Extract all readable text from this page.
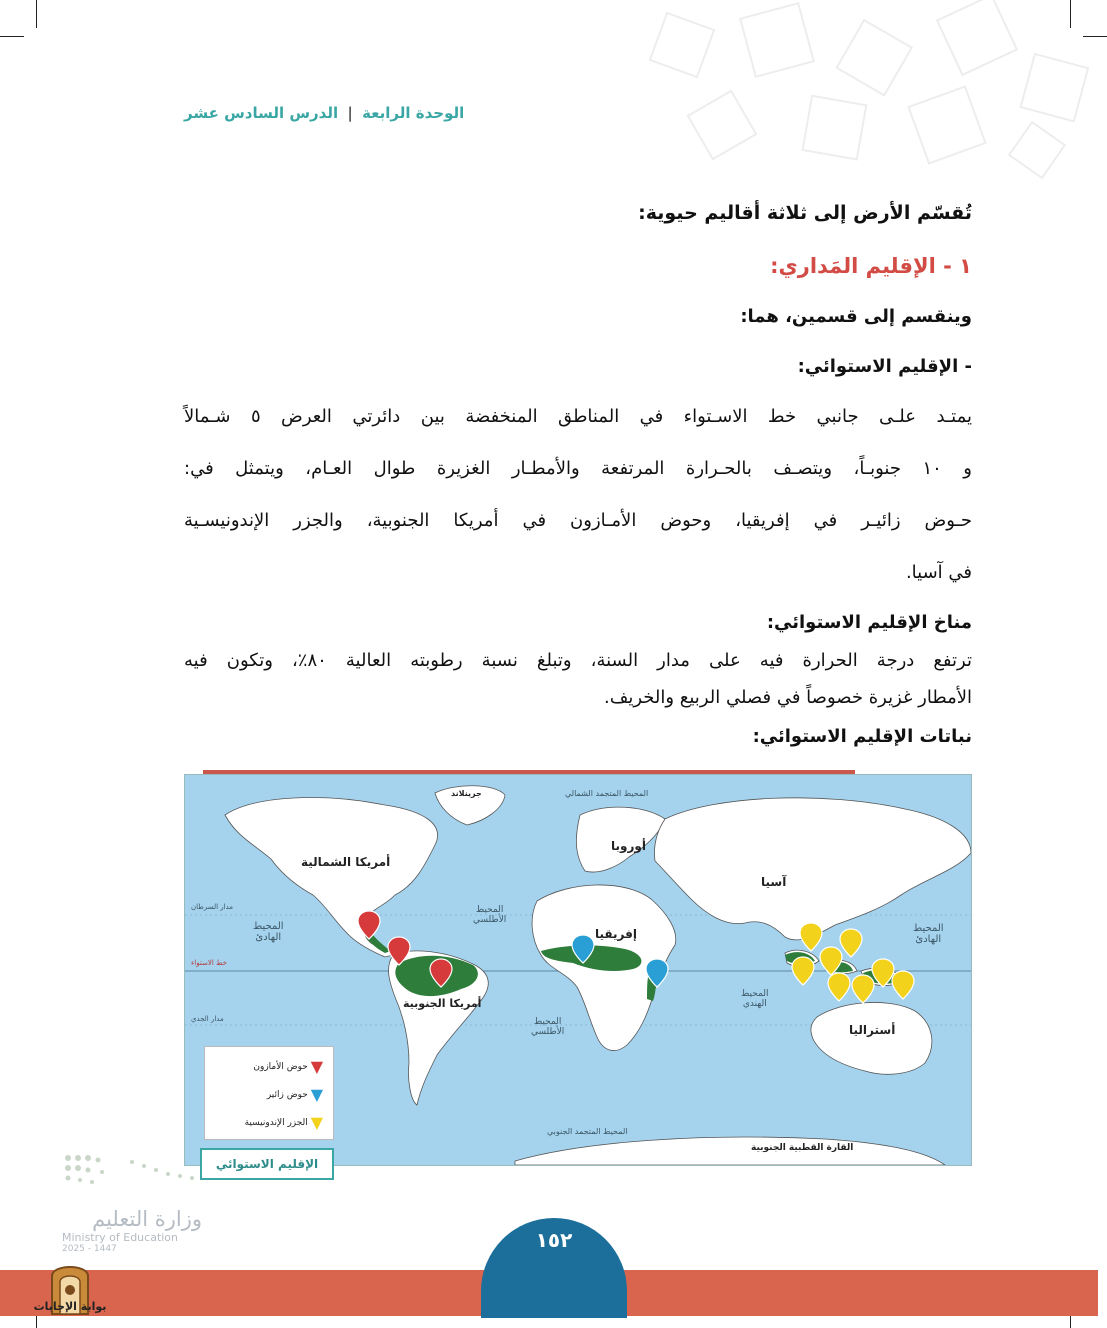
الوحدة الرابعة | الدرس السادس عشر
تُقسّم الأرض إلى ثلاثة أقاليم حيوية:
١ - الإقليم المَداري:
وينقسم إلى قسمين، هما:
- الإقليم الاستوائي:
يمتـد علـى جانبي خط الاسـتواء في المناطق المنخفضة بين دائرتي العرض ٥ شـمالاً
و ١٠ جنوبـاً، ويتصـف بالحـرارة المرتفعة والأمطـار الغزيرة طوال العـام، ويتمثل في:
حـوض زائيـر في إفريقيا، وحوض الأمـازون في أمريكا الجنوبية، والجزر الإندونيسـية
في آسيا.
مناخ الإقليم الاستوائي:
ترتفع درجة الحرارة فيه على مدار السنة، وتبلغ نسبة رطوبته العالية ٨٠٪، وتكون فيه
الأمطار غزيرة خصوصاً في فصلي الربيع والخريف.
نباتات الإقليم الاستوائي:
أمريكا الشمالية
جرينلاند
أمريكا الجنوبية
أوروبا
إفريقيا
آسيا
أستراليا
القارة القطبية الجنوبية
المحيط المتجمد الشمالي
المحيط
الأطلسي
المحيط
الأطلسي
المحيط
الهادئ
المحيط
الهادئ
المحيط
الهندي
المحيط المتجمد الجنوبي
مدار السرطان
خط الاستواء
مدار الجدي
▼ حوض الأمازون
▼ حوض زائير
▼ الجزر الإندونيسية
الإقليم الاستوائي
وزارة التعليم
Ministry of Education
2025 - 1447	١٥٢
بوابة الإجابات
